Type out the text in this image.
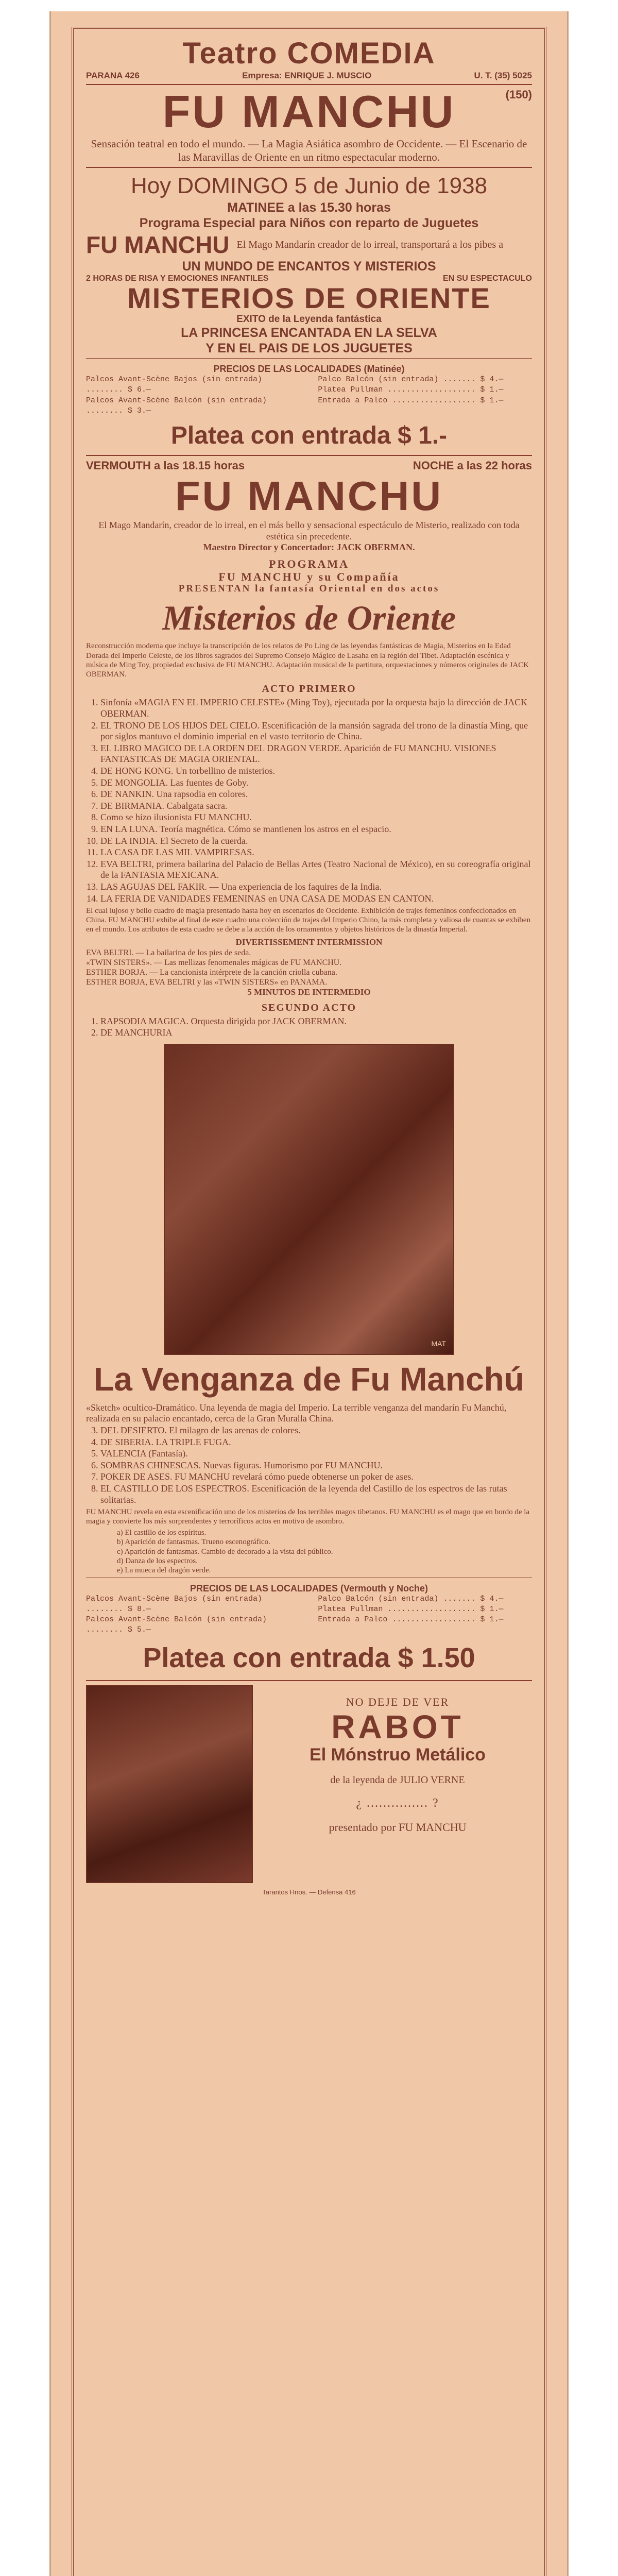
Teatro COMEDIA
PARANA 426	Empresa: ENRIQUE J. MUSCIO	U. T. (35) 5025
FU MANCHU	(150)
Sensación teatral en todo el mundo. — La Magia Asiática asombro de Occidente. — El Escenario de las Maravillas de Oriente en un ritmo espectacular moderno.
Hoy DOMINGO 5 de Junio de 1938
MATINEE a las 15.30 horas
Programa Especial para Niños con reparto de Juguetes
FU MANCHU El Mago Mandarín creador de lo irreal, transportará a los pibes a
UN MUNDO DE ENCANTOS Y MISTERIOS
2 HORAS DE RISA Y EMOCIONES INFANTILES	EN SU ESPECTACULO
MISTERIOS DE ORIENTE
EXITO de la Leyenda fantástica
LA PRINCESA ENCANTADA EN LA SELVA
Y EN EL PAIS DE LOS JUGUETES
PRECIOS DE LAS LOCALIDADES (Matinée)
Palcos Avant-Scène Bajos (sin entrada) ........ $ 6.—
Palcos Avant-Scène Balcón (sin entrada) ........ $ 3.—
Palco Balcón (sin entrada) ....... $ 4.—
Platea Pullman ................... $ 1.—
Entrada a Palco .................. $ 1.—
Platea con entrada $ 1.-
VERMOUTH a las 18.15 horas	NOCHE a las 22 horas
FU MANCHU
El Mago Mandarín, creador de lo irreal, en el más bello y sensacional espectáculo de Misterio, realizado con toda estética sin precedente.
Maestro Director y Concertador: JACK OBERMAN.
PROGRAMA
FU MANCHU y su Compañía
PRESENTAN la fantasía Oriental en dos actos
Misterios de Oriente
Reconstrucción moderna que incluye la transcripción de los relatos de Po Ling de las leyendas fantásticas de Magia, Misterios en la Edad Dorada del Imperio Celeste, de los libros sagrados del Supremo Consejo Mágico de Lasaha en la región del Tibet. Adaptación escénica y música de Ming Toy, propiedad exclusiva de FU MANCHU. Adaptación musical de la partitura, orquestaciones y números originales de JACK OBERMAN.
ACTO PRIMERO
1. Sinfonía «MAGIA EN EL IMPERIO CELESTE» (Ming Toy), ejecutada por la orquesta bajo la dirección de JACK OBERMAN.
2. EL TRONO DE LOS HIJOS DEL CIELO. Escenificación de la mansión sagrada del trono de la dinastía Ming, que por siglos mantuvo el dominio imperial en el vasto territorio de China.
3. EL LIBRO MAGICO DE LA ORDEN DEL DRAGON VERDE. Aparición de FU MANCHU. VISIONES FANTASTICAS DE MAGIA ORIENTAL.
4. DE HONG KONG. Un torbellino de misterios.
5. DE MONGOLIA. Las fuentes de Goby.
6. DE NANKIN. Una rapsodia en colores.
7. DE BIRMANIA. Cabalgata sacra.
8. Como se hizo ilusionista FU MANCHU.
9. EN LA LUNA. Teoría magnética. Cómo se mantienen los astros en el espacio.
10. DE LA INDIA. El Secreto de la cuerda.
11. LA CASA DE LAS MIL VAMPIRESAS.
12. EVA BELTRI, primera bailarina del Palacio de Bellas Artes (Teatro Nacional de México), en su coreografía original de la FANTASIA MEXICANA.
13. LAS AGUJAS DEL FAKIR. — Una experiencia de los faquires de la India.
14. LA FERIA DE VANIDADES FEMENINAS en UNA CASA DE MODAS EN CANTON.
El cual lujoso y bello cuadro de magia presentado hasta hoy en escenarios de Occidente. Exhibición de trajes femeninos confeccionados en China. FU MANCHU exhibe al final de este cuadro una colección de trajes del Imperio Chino, la más completa y valiosa de cuantas se exhiben en el mundo. Los atributos de esta cuadro se debe a la acción de los ornamentos y objetos históricos de la dinastía Imperial.
DIVERTISSEMENT INTERMISSION
EVA BELTRI. — La bailarina de los pies de seda.
«TWIN SISTERS». — Las mellizas fenomenales mágicas de FU MANCHU.
ESTHER BORJA. — La cancionista intérprete de la canción criolla cubana.
ESTHER BORJA, EVA BELTRI y las «TWIN SISTERS» en PANAMA.
5 MINUTOS DE INTERMEDIO
SEGUNDO ACTO
1. RAPSODIA MAGICA. Orquesta dirigida por JACK OBERMAN.
2. DE MANCHURIA
MAT
La Venganza de Fu Manchú
«Sketch» ocultico-Dramático. Una leyenda de magia del Imperio. La terrible venganza del mandarín Fu Manchú, realizada en su palacio encantado, cerca de la Gran Muralla China.
3. DEL DESIERTO. El milagro de las arenas de colores.
4. DE SIBERIA. LA TRIPLE FUGA.
5. VALENCIA (Fantasía).
6. SOMBRAS CHINESCAS. Nuevas figuras. Humorismo por FU MANCHU.
7. POKER DE ASES. FU MANCHU revelará cómo puede obtenerse un poker de ases.
8. EL CASTILLO DE LOS ESPECTROS. Escenificación de la leyenda del Castillo de los espectros de las rutas solitarias.
FU MANCHU revela en esta escenificación uno de los misterios de los terribles magos tibetanos. FU MANCHU es el mago que en bordo de la magia y convierte los más sorprendentes y terroríficos actos en motivo de asombro.
a) El castillo de los espíritus.
b) Aparición de fantasmas. Trueno escenográfico.
c) Aparición de fantasmas. Cambio de decorado a la vista del público.
d) Danza de los espectros.
e) La mueca del dragón verde.
PRECIOS DE LAS LOCALIDADES (Vermouth y Noche)
Palcos Avant-Scène Bajos (sin entrada) ........ $ 8.—
Palcos Avant-Scène Balcón (sin entrada) ........ $ 5.—
Palco Balcón (sin entrada) ....... $ 4.—
Platea Pullman ................... $ 1.—
Entrada a Palco .................. $ 1.—
Platea con entrada $ 1.50
NO DEJE DE VER
RABOT
El Mónstruo Metálico
de la leyenda de JULIO VERNE
¿ ............... ?
presentado por FU MANCHU
Tarantos Hnos. — Defensa 416
